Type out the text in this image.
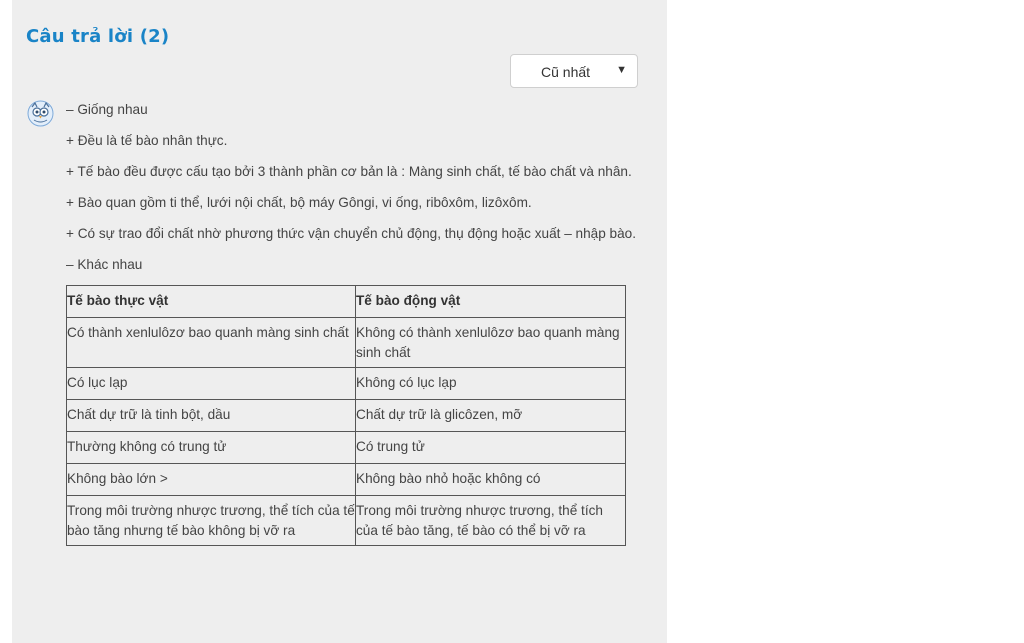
Câu trả lời (2)
Cũ nhất ▼

– Giống nhau

+ Đều là tế bào nhân thực.

+ Tế bào đều được cấu tạo bởi 3 thành phần cơ bản là : Màng sinh chất, tế bào chất và nhân.

+ Bào quan gồm ti thể, lưới nội chất, bộ máy Gôngi, vi ống, ribôxôm, lizôxôm.

+ Có sự trao đổi chất nhờ phương thức vận chuyển chủ động, thụ động hoặc xuất – nhập bào.

– Khác nhau

Tế bào thực vật	Tế bào động vật
Có thành xenlulôzơ bao quanh màng sinh chất	Không có thành xenlulôzơ bao quanh màng sinh chất
Có lục lạp	Không có lục lạp
Chất dự trữ là tinh bột, dầu	Chất dự trữ là glicôzen, mỡ
Thường không có trung tử	Có trung tử
Không bào lớn >	Không bào nhỏ hoặc không có
Trong môi trường nhược trương, thể tích của tế bào tăng nhưng tế bào không bị vỡ ra	Trong môi trường nhược trương, thể tích của tế bào tăng, tế bào có thể bị vỡ ra
